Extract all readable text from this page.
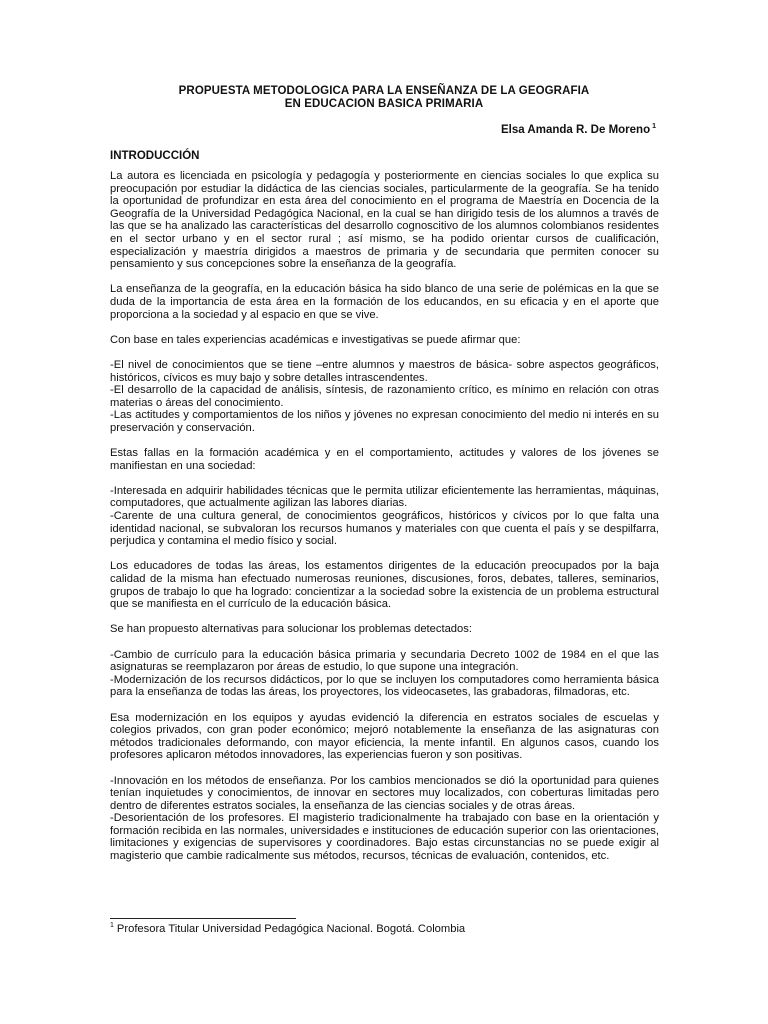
PROPUESTA METODOLOGICA PARA LA ENSEÑANZA DE LA GEOGRAFIA
EN EDUCACION BASICA PRIMARIA
Elsa Amanda R. De Moreno $^1$
INTRODUCCIÓN

La autora es licenciada en psicología y pedagogía y posteriormente en ciencias sociales lo que explica su preocupación por estudiar la didáctica de las ciencias sociales, particularmente de la geografía. Se ha tenido la oportunidad de profundizar en esta área del conocimiento en el programa de Maestría en Docencia de la Geografía de la Universidad Pedagógica Nacional, en la cual se han dirigido tesis de los alumnos a través de las que se ha analizado las características del desarrollo cognoscitivo de los alumnos colombianos residentes en el sector urbano y en el sector rural ; así mismo, se ha podido orientar cursos de cualificación, especialización y maestría dirigidos a maestros de primaria y de secundaria que permiten conocer su pensamiento y sus concepciones sobre la enseñanza de la geografía.

La enseñanza de la geografía, en la educación básica ha sido blanco de una serie de polémicas en la que se duda de la importancia de esta área en la formación de los educandos, en su eficacia y en el aporte que proporciona a la sociedad y al espacio en que se vive.

Con base en tales experiencias académicas e investigativas se puede afirmar que:

-El nivel de conocimientos que se tiene –entre alumnos y maestros de básica- sobre aspectos geográficos, históricos, cívicos es muy bajo y sobre detalles intrascendentes.

-El desarrollo de la capacidad de análisis, síntesis, de razonamiento crítico, es mínimo en relación con otras materias o áreas del conocimiento.

-Las actitudes y comportamientos de los niños y jóvenes no expresan conocimiento del medio ni interés en su preservación y conservación.

Estas fallas en la formación académica y en el comportamiento, actitudes y valores de los jóvenes se manifiestan en una sociedad:

-Interesada en adquirir habilidades técnicas que le permita utilizar eficientemente las herramientas, máquinas, computadores, que actualmente agilizan las labores diarias.

-Carente de una cultura general, de conocimientos geográficos, históricos y cívicos por lo que falta una identidad nacional, se subvaloran los recursos humanos y materiales con que cuenta el país y se despilfarra, perjudica y contamina el medio físico y social.

Los educadores de todas las áreas, los estamentos dirigentes de la educación preocupados por la baja calidad de la misma han efectuado numerosas reuniones, discusiones, foros, debates, talleres, seminarios, grupos de trabajo lo que ha logrado: concientizar a la sociedad sobre la existencia de un problema estructural que se manifiesta en el currículo de la educación básica.

Se han propuesto alternativas para solucionar los problemas detectados:

-Cambio de currículo para la educación básica primaria y secundaria Decreto 1002 de 1984 en el que las asignaturas se reemplazaron por áreas de estudio, lo que supone una integración.

-Modernización de los recursos didácticos, por lo que se incluyen los computadores como herramienta básica para la enseñanza de todas las áreas, los proyectores, los videocasetes, las grabadoras, filmadoras, etc.

Esa modernización en los equipos y ayudas evidenció la diferencia en estratos sociales de escuelas y colegios privados, con gran poder económico; mejoró notablemente la enseñanza de las asignaturas con métodos tradicionales deformando, con mayor eficiencia, la mente infantil. En algunos casos, cuando los profesores aplicaron métodos innovadores, las experiencias fueron y son positivas.

-Innovación en los métodos de enseñanza. Por los cambios mencionados se dió la oportunidad para quienes tenían inquietudes y conocimientos, de innovar en sectores muy localizados, con coberturas limitadas pero dentro de diferentes estratos sociales, la enseñanza de las ciencias sociales y de otras áreas.

-Desorientación de los profesores. El magisterio tradicionalmente ha trabajado con base en la orientación y formación recibida en las normales, universidades e instituciones de educación superior con las orientaciones, limitaciones y exigencias de supervisores y coordinadores. Bajo estas circunstancias no se puede exigir al magisterio que cambie radicalmente sus métodos, recursos, técnicas de evaluación, contenidos, etc.

$^1$ Profesora Titular Universidad Pedagógica Nacional. Bogotá. Colombia
